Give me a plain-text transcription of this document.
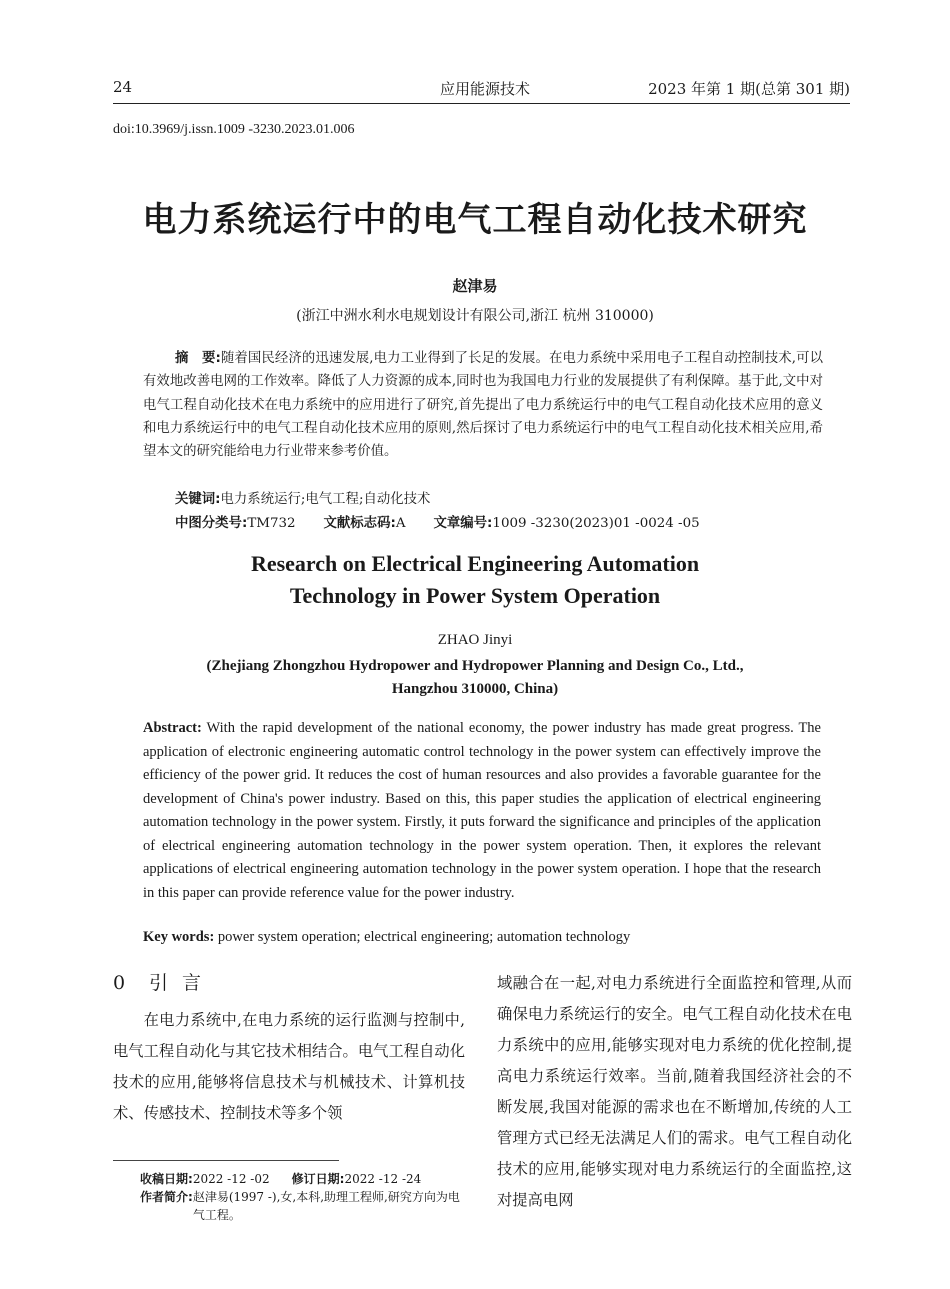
24	应用能源技术	2023 年第 1 期(总第 301 期)
doi:10.3969/j.issn.1009 -3230.2023.01.006
电力系统运行中的电气工程自动化技术研究
赵津易
(浙江中洲水利水电规划设计有限公司,浙江 杭州 310000)
摘　要:随着国民经济的迅速发展,电力工业得到了长足的发展。在电力系统中采用电子工程自动控制技术,可以有效地改善电网的工作效率。降低了人力资源的成本,同时也为我国电力行业的发展提供了有利保障。基于此,文中对电气工程自动化技术在电力系统中的应用进行了研究,首先提出了电力系统运行中的电气工程自动化技术应用的意义和电力系统运行中的电气工程自动化技术应用的原则,然后探讨了电力系统运行中的电气工程自动化技术相关应用,希望本文的研究能给电力行业带来参考价值。
关键词:电力系统运行;电气工程;自动化技术
中图分类号:TM732 文献标志码:A 文章编号:1009 -3230(2023)01 -0024 -05
Research on Electrical Engineering Automation
Technology in Power System Operation
ZHAO Jinyi
(Zhejiang Zhongzhou Hydropower and Hydropower Planning and Design Co., Ltd.,
Hangzhou 310000, China)
Abstract: With the rapid development of the national economy, the power industry has made great progress. The application of electronic engineering automatic control technology in the power system can effectively improve the efficiency of the power grid. It reduces the cost of human resources and also provides a favorable guarantee for the development of China's power industry. Based on this, this paper studies the application of electrical engineering automation technology in the power system. Firstly, it puts forward the significance and principles of the application of electrical engineering automation technology in the power system operation. Then, it explores the relevant applications of electrical engineering automation technology in the power system operation. I hope that the research in this paper can provide reference value for the power industry.
Key words: power system operation; electrical engineering; automation technology
0 引言
在电力系统中,在电力系统的运行监测与控制中,电气工程自动化与其它技术相结合。电气工程自动化技术的应用,能够将信息技术与机械技术、计算机技术、传感技术、控制技术等多个领
域融合在一起,对电力系统进行全面监控和管理,从而确保电力系统运行的安全。电气工程自动化技术在电力系统中的应用,能够实现对电力系统的优化控制,提高电力系统运行效率。当前,随着我国经济社会的不断发展,我国对能源的需求也在不断增加,传统的人工管理方式已经无法满足人们的需求。电气工程自动化技术的应用,能够实现对电力系统运行的全面监控,这对提高电网
收稿日期: 2022 -12 -02 修订日期: 2022 -12 -24
作者简介: 赵津易(1997 -),女,本科,助理工程师,研究方向为电气工程。
